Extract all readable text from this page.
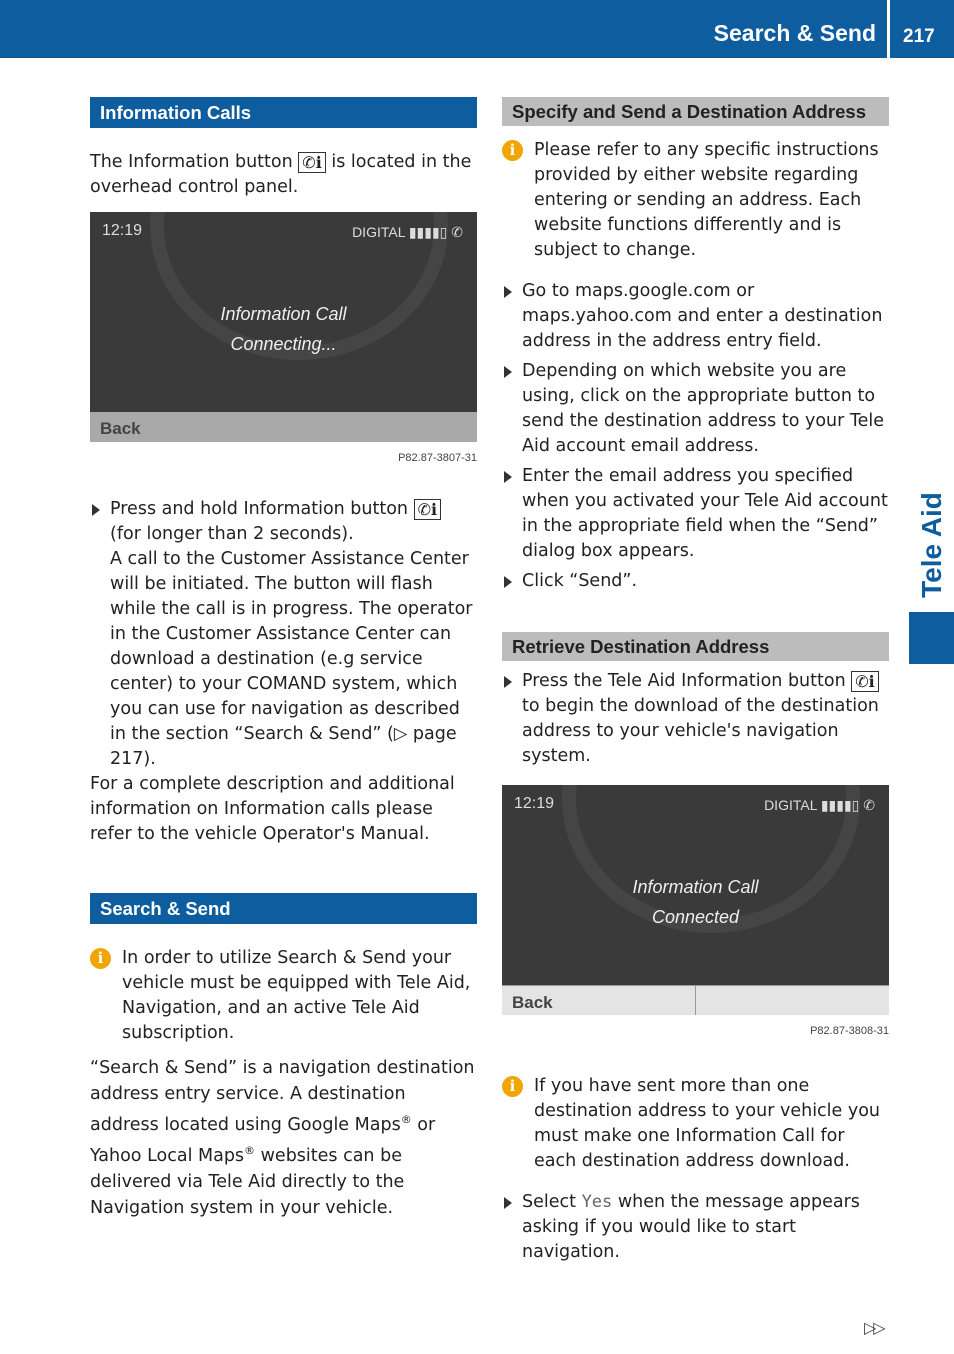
Search & Send 217
Tele Aid
Information Calls

The Information button ✆ℹ is located in the overhead control panel.

12:19	DIGITAL ▮▮▮▮▯ ✆
Information Call
Connecting...
Back
P82.87-3807-31

Press and hold Information button ✆ℹ (for longer than 2 seconds).

A call to the Customer Assistance Center will be initiated. The button will flash while the call is in progress. The operator in the Customer Assistance Center can download a destination (e.g service center) to your COMAND system, which you can use for navigation as described in the section “Search & Send” (▷ page 217).

For a complete description and additional information on Information calls please refer to the vehicle Operator's Manual.

Search & Send
i	In order to utilize Search & Send your vehicle must be equipped with Tele Aid, Navigation, and an active Tele Aid subscription.

“Search & Send” is a navigation destination address entry service. A destination address located using Google Maps® or Yahoo Local Maps® websites can be delivered via Tele Aid directly to the Navigation system in your vehicle.

Specify and Send a Destination Address
i	Please refer to any specific instructions provided by either website regarding entering or sending an address. Each website functions differently and is subject to change.

Go to maps.google.com or maps.yahoo.com and enter a destination address in the address entry field.

Depending on which website you are using, click on the appropriate button to send the destination address to your Tele Aid account email address.

Enter the email address you specified when you activated your Tele Aid account in the appropriate field when the “Send” dialog box appears.

Click “Send”.

Retrieve Destination Address

Press the Tele Aid Information button ✆ℹ to begin the download of the destination address to your vehicle's navigation system.

12:19	DIGITAL ▮▮▮▮▯ ✆
Information Call
Connected
Back
P82.87-3808-31
i	If you have sent more than one destination address to your vehicle you must make one Information Call for each destination address download.

Select Yes when the message appears asking if you would like to start navigation.

▷▷
